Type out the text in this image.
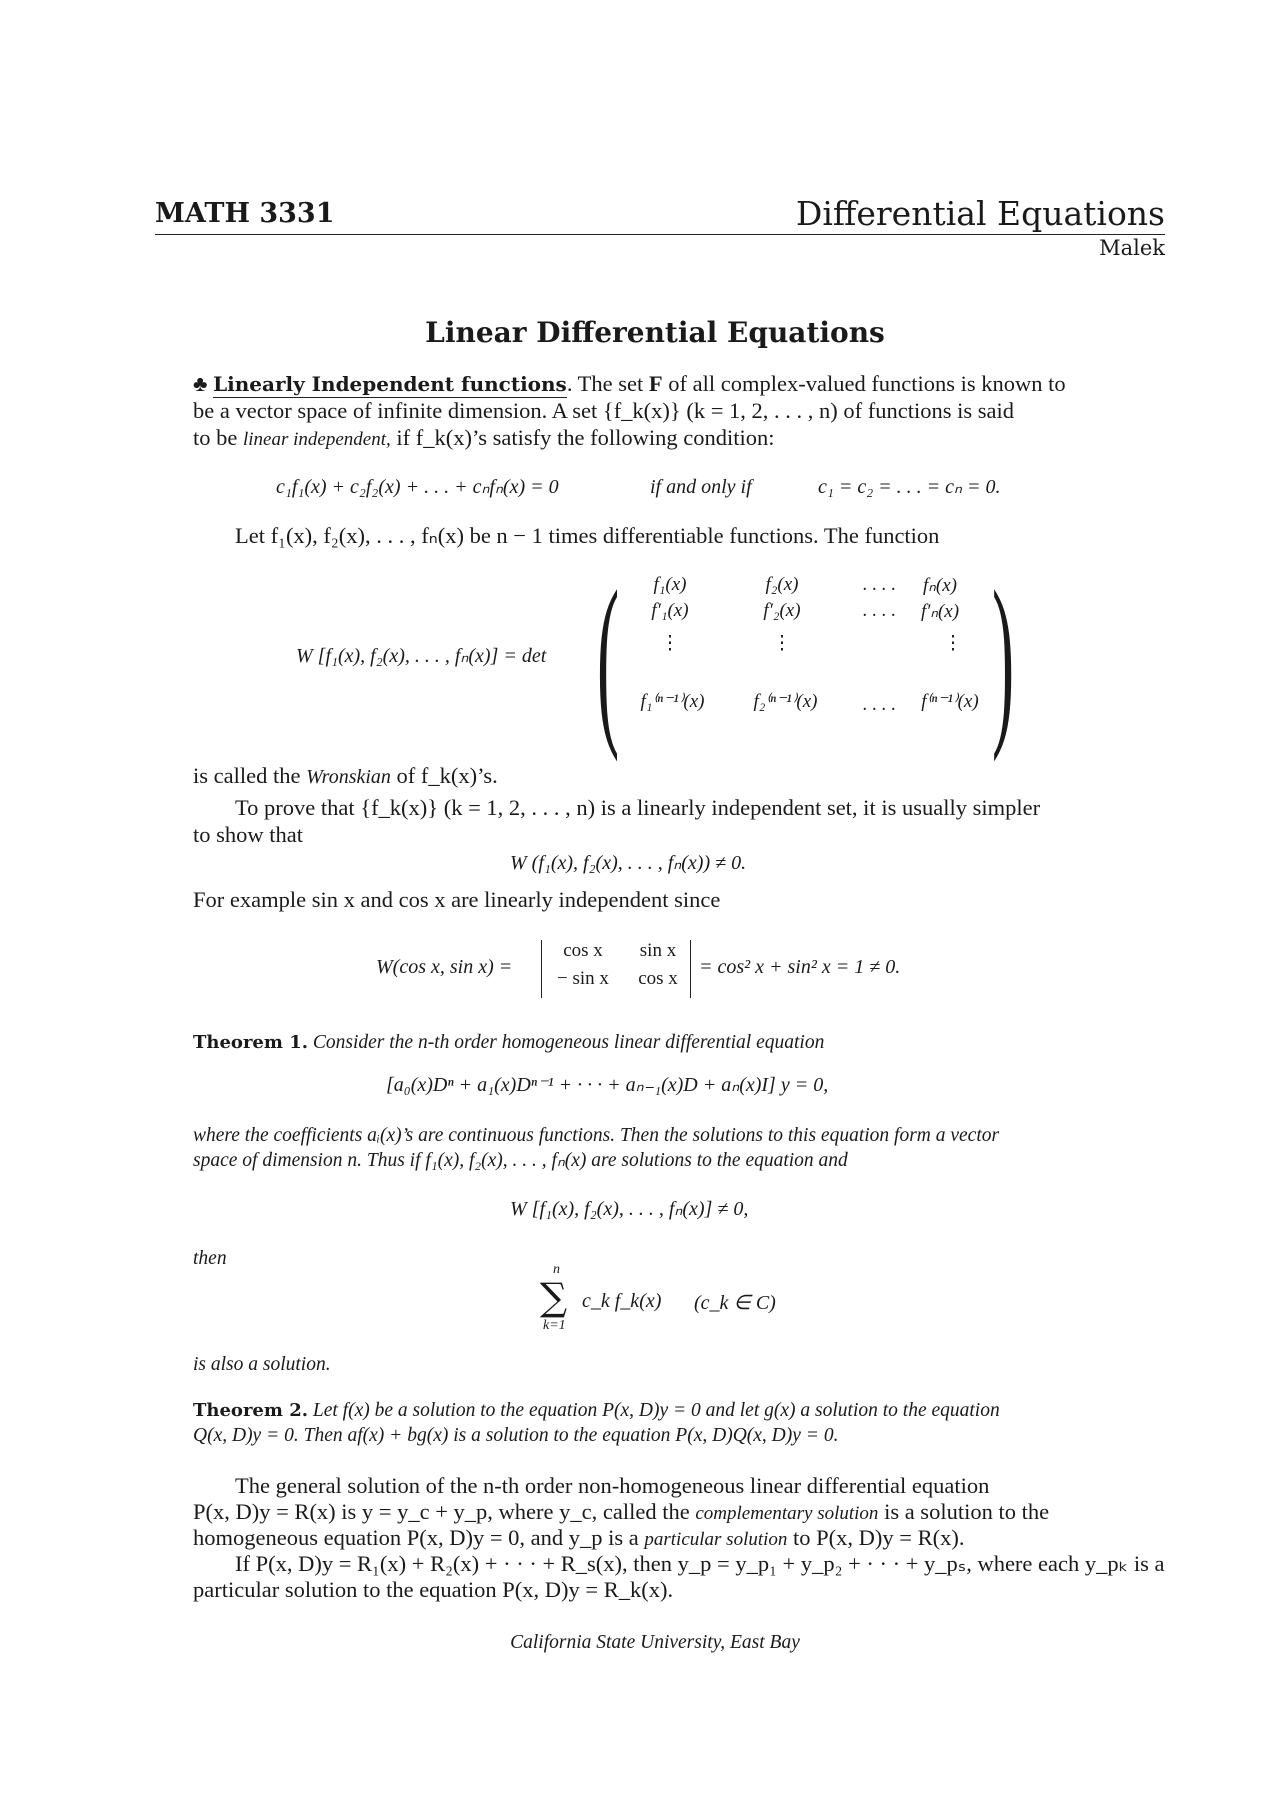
MATH 3331	Differential Equations
Malek
Linear Differential Equations
♣ Linearly Independent functions. The set F of all complex-valued functions is known to
be a vector space of infinite dimension. A set {f_k(x)} (k = 1, 2, . . . , n) of functions is said
to be linear independent, if f_k(x)’s satisfy the following condition:
c₁f₁(x) + c₂f₂(x) + . . . + cₙfₙ(x) = 0	if and only if	c₁ = c₂ = . . . = cₙ = 0.
Let f₁(x), f₂(x), . . . , fₙ(x) be n − 1 times differentiable functions. The function
W [f₁(x), f₂(x), . . . , fₙ(x)] = det ( )
f₁(x)	f₂(x)	. . . .	fₙ(x)
f′₁(x)	f′₂(x)	. . . .	f′ₙ(x)
⋮	⋮	⋮
f₁⁽ⁿ⁻¹⁾(x)	f₂⁽ⁿ⁻¹⁾(x)	. . . .	f⁽ⁿ⁻¹⁾(x)
is called the Wronskian of f_k(x)’s.
To prove that {f_k(x)} (k = 1, 2, . . . , n) is a linearly independent set, it is usually simpler
to show that
W (f₁(x), f₂(x), . . . , fₙ(x)) ≠ 0.
For example sin x and cos x are linearly independent since
W(cos x, sin x) =
cos x	sin x
− sin x	cos x
= cos² x + sin² x = 1 ≠ 0.
Theorem 1. Consider the n-th order homogeneous linear differential equation
[a₀(x)Dⁿ + a₁(x)Dⁿ⁻¹ + · · · + aₙ₋₁(x)D + aₙ(x)I] y = 0,
where the coefficients aᵢ(x)’s are continuous functions. Then the solutions to this equation form a vector
space of dimension n. Thus if f₁(x), f₂(x), . . . , fₙ(x) are solutions to the equation and
W [f₁(x), f₂(x), . . . , fₙ(x)] ≠ 0,
then
n
∑
k=1
c_k f_k(x) (c_k ∈ C)
is also a solution.
Theorem 2. Let f(x) be a solution to the equation P(x, D)y = 0 and let g(x) a solution to the equation
Q(x, D)y = 0. Then af(x) + bg(x) is a solution to the equation P(x, D)Q(x, D)y = 0.
The general solution of the n-th order non-homogeneous linear differential equation
P(x, D)y = R(x) is y = y_c + y_p, where y_c, called the complementary solution is a solution to the
homogeneous equation P(x, D)y = 0, and y_p is a particular solution to P(x, D)y = R(x).
If P(x, D)y = R₁(x) + R₂(x) + · · · + R_s(x), then y_p = y_p₁ + y_p₂ + · · · + y_pₛ, where each y_pₖ is a
particular solution to the equation P(x, D)y = R_k(x).
California State University, East Bay
